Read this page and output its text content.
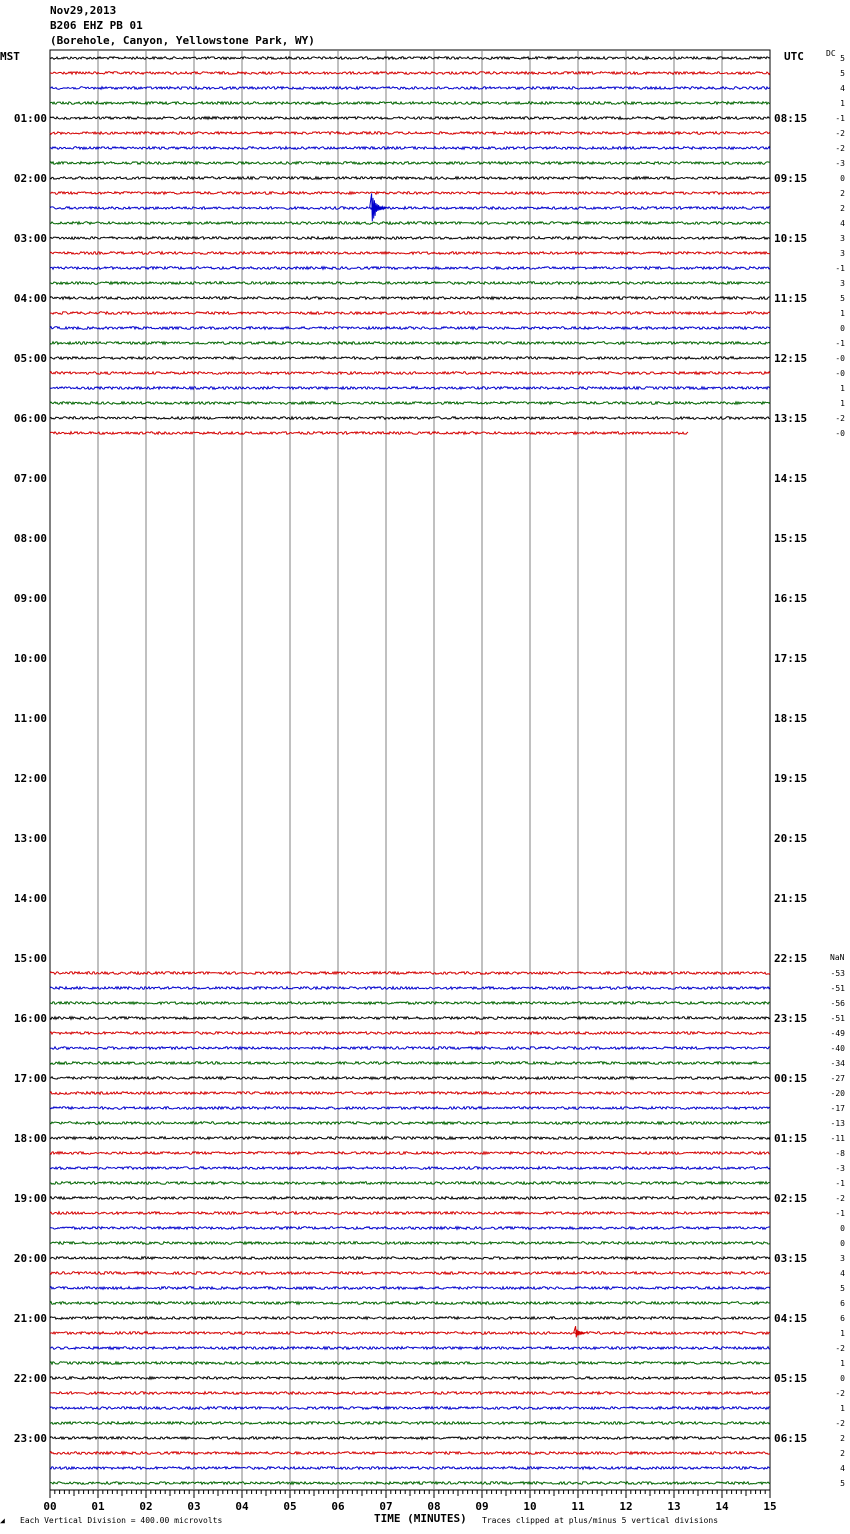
Nov29,2013
B206 EHZ PB 01
(Borehole, Canyon, Yellowstone Park, WY)
MST	UTC	DC
NaN
00	01	02	03	04	05	06	07	08	09	10	11	12	13	14	15
01:00	08:15
02:00	09:15
03:00	10:15
04:00	11:15
05:00	12:15
06:00	13:15
07:00	14:15
08:00	15:15
09:00	16:15
10:00	17:15
11:00	18:15
12:00	19:15
13:00	20:15
14:00	21:15
15:00	22:15
16:00	23:15
17:00	00:15
18:00	01:15
19:00	02:15
20:00	03:15
21:00	04:15
22:00	05:15
23:00	06:15
5
5
4
1
-1
-2
-2
-3
0
2
2
4
3
3
-1
3
5
1
0
-1
-0
-0
1
1
-2
-0
-53
-51
-56
-51
-49
-40
-34
-27
-20
-17
-13
-11
-8
-3
-1
-2
-1
0
0
3
4
5
6
6
1
-2
1
0
-2
1
-2
2
2
4
5
◢ Each Vertical Division = 400.00 microvolts	TIME (MINUTES) Traces clipped at plus/minus 5 vertical divisions
